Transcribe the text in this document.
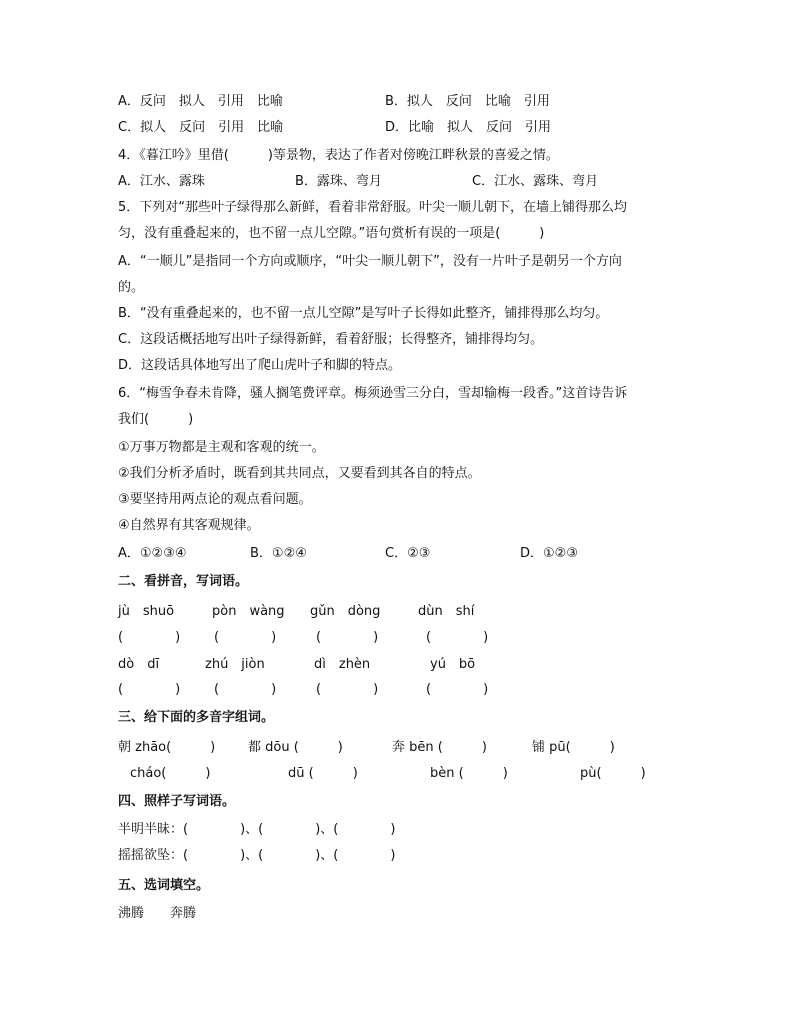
A．反问　拟人　引用　比喻	B．拟人　反问　比喻　引用
C．拟人　反问　引用　比喻	D．比喻　拟人　反问　引用
4．《暮江吟》里借(　　　)等景物，表达了作者对傍晚江畔秋景的喜爱之情。
A．江水、露珠	B．露珠、弯月	C．江水、露珠、弯月
5．下列对“那些叶子绿得那么新鲜，看着非常舒服。叶尖一顺儿朝下，在墙上铺得那么均
匀，没有重叠起来的，也不留一点儿空隙。”语句赏析有误的一项是(　　　)
A．“一顺儿”是指同一个方向或顺序，“叶尖一顺儿朝下”，没有一片叶子是朝另一个方向
的。
B．“没有重叠起来的，也不留一点儿空隙”是写叶子长得如此整齐，铺排得那么均匀。
C．这段话概括地写出叶子绿得新鲜，看着舒服；长得整齐，铺排得均匀。
D．这段话具体地写出了爬山虎叶子和脚的特点。
6．“梅雪争春未肯降，骚人搁笔费评章。梅须逊雪三分白，雪却输梅一段香。”这首诗告诉
我们(　　　)
①万事万物都是主观和客观的统一。
②我们分析矛盾时，既看到其共同点，又要看到其各自的特点。
③要坚持用两点论的观点看问题。
④自然界有其客观规律。
A．①②③④	B．①②④	C．②③	D．①②③
二、看拼音，写词语。
jù　shuō	pòn　wàng gǔn　dòng	dùn　shí
(　　　　)	(　　　　)	(　　　　)	(　　　　)
dò　dī	zhú　jiòn	dì　zhèn	yú　bō
(　　　　)	(　　　　)	(　　　　)	(　　　　)
三、给下面的多音字组词。
朝 zhāo(　　　)	都 dōu (　　　)	奔 bēn (　　　)	铺 pū(　　　)
cháo(　　　)	dū (　　　)	bèn (　　　)	pù(　　　)
四、照样子写词语。
半明半昧：(　　　　)、(　　　　)、(　　　　)
摇摇欲坠：(　　　　)、(　　　　)、(　　　　)
五、选词填空。
沸腾　　奔腾
